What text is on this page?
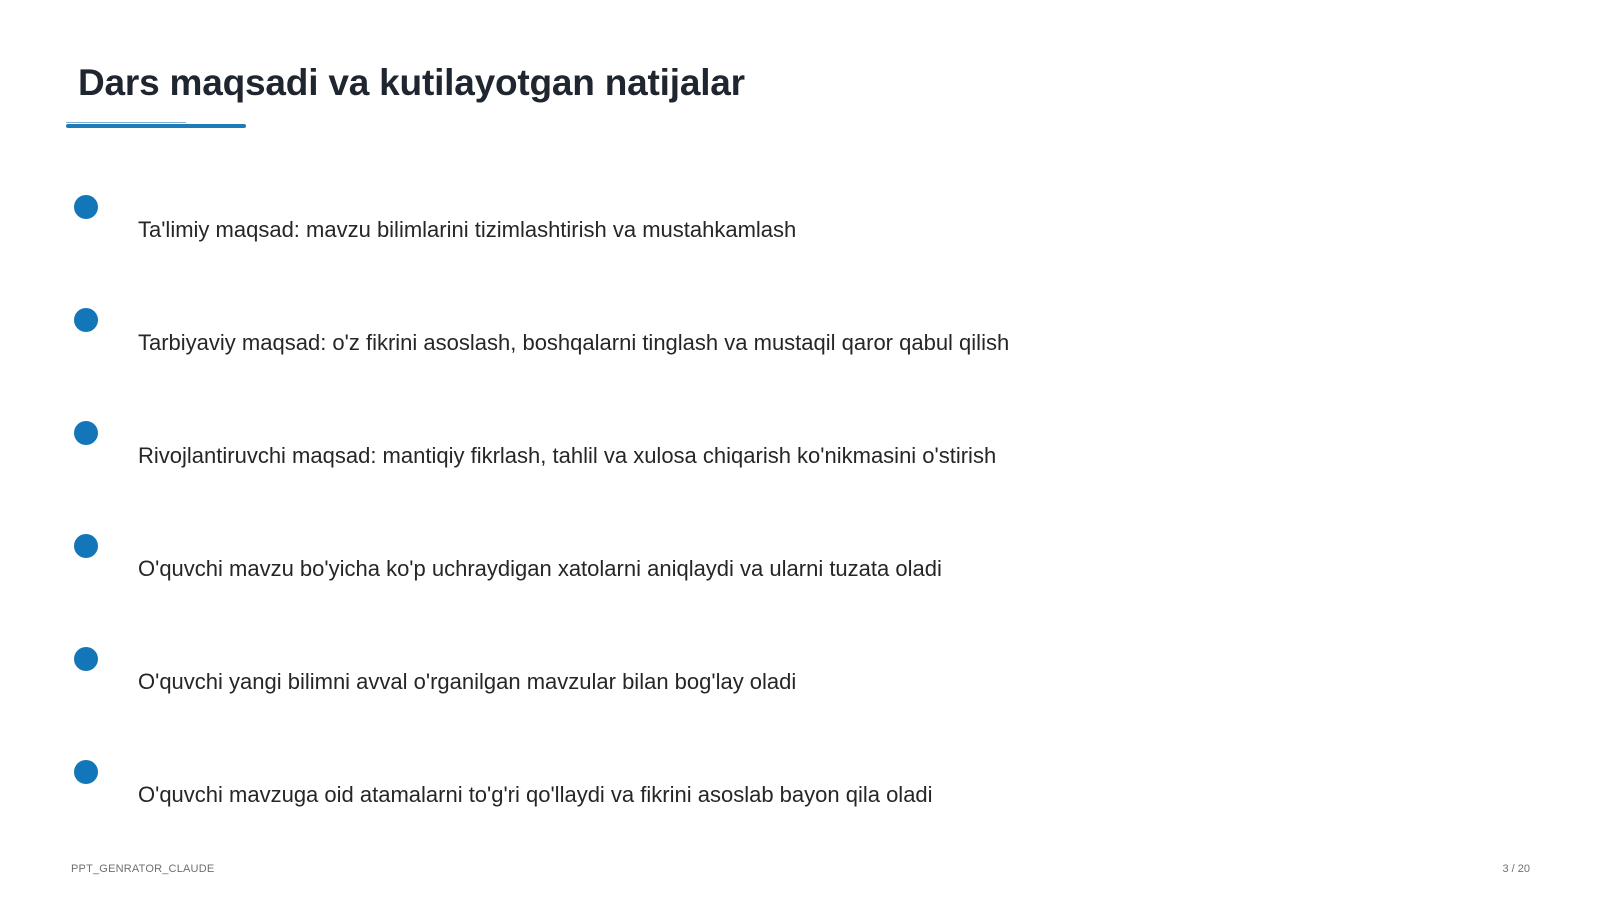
Dars maqsadi va kutilayotgan natijalar
Ta'limiy maqsad: mavzu bilimlarini tizimlashtirish va mustahkamlash
Tarbiyaviy maqsad: o'z fikrini asoslash, boshqalarni tinglash va mustaqil qaror qabul qilish
Rivojlantiruvchi maqsad: mantiqiy fikrlash, tahlil va xulosa chiqarish ko'nikmasini o'stirish
O'quvchi mavzu bo'yicha ko'p uchraydigan xatolarni aniqlaydi va ularni tuzata oladi
O'quvchi yangi bilimni avval o'rganilgan mavzular bilan bog'lay oladi
O'quvchi mavzuga oid atamalarni to'g'ri qo'llaydi va fikrini asoslab bayon qila oladi
PPT_GENRATOR_CLAUDE	3 / 20
